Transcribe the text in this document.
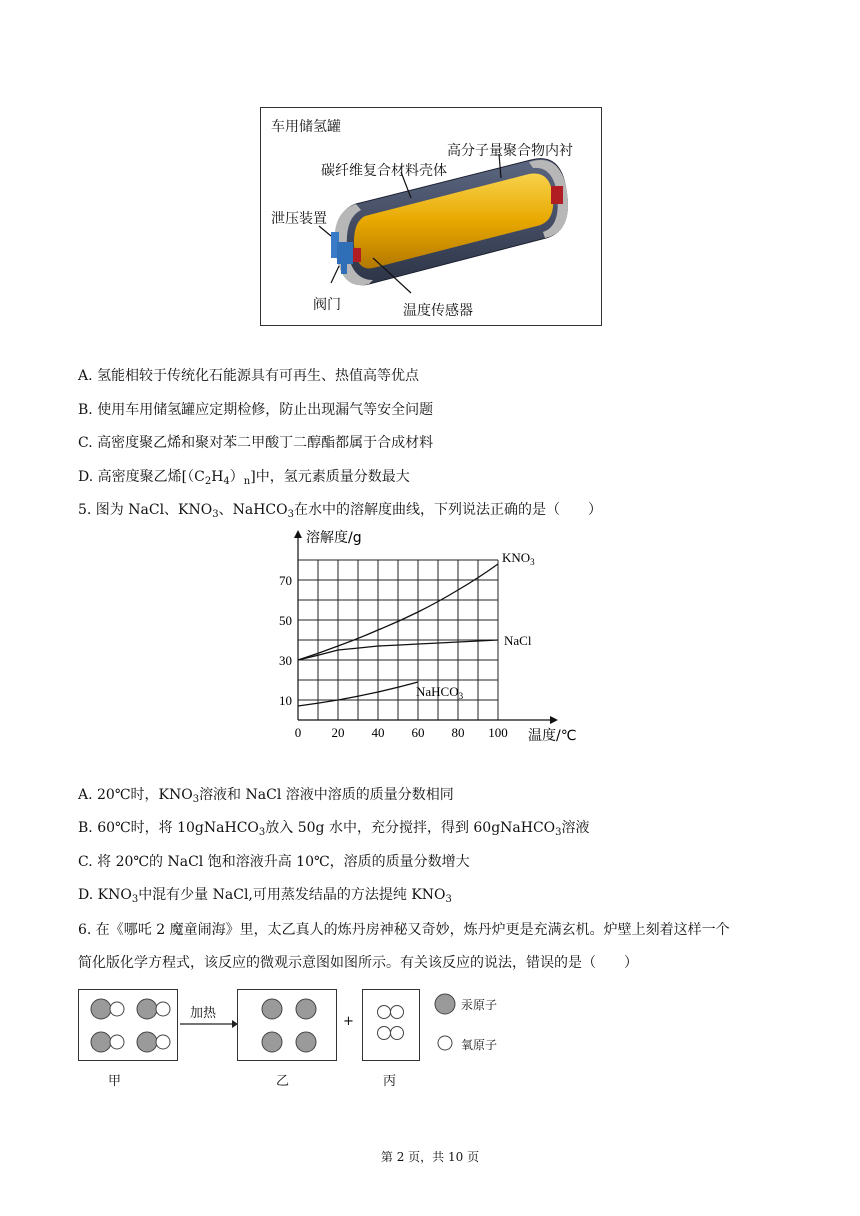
车用储氢罐
高分子量聚合物内衬
碳纤维复合材料壳体
泄压装置
阀门	温度传感器
A. 氢能相较于传统化石能源具有可再生、热值高等优点
B. 使用车用储氢罐应定期检修，防止出现漏气等安全问题
C. 高密度聚乙烯和聚对苯二甲酸丁二醇酯都属于合成材料
D. 高密度聚乙烯$[(C_2H_4)_n]$中，氢元素质量分数最大
5. 图为 NaCl、$KNO_3$、NaHCO$_3$在水中的溶解度曲线，下列说法正确的是（　　）
0 20 40 60 80 100
10
30
50
70
溶解度/g
温度/℃
$KNO_3$
NaCl
NaHCO$_3$
A. 20℃时，$KNO_3$溶液和 NaCl 溶液中溶质的质量分数相同
B. 60℃时，将 10gNaHCO$_3$放入 50g 水中，充分搅拌，得到 60gNaHCO$_3$溶液
C. 将 20℃的 NaCl 饱和溶液升高 10℃，溶质的质量分数增大
D. $KNO_3$中混有少量 NaCl,可用蒸发结晶的方法提纯 $KNO_3$
6. 在《哪吒 2 魔童闹海》里，太乙真人的炼丹房神秘又奇妙，炼丹炉更是充满玄机。炉壁上刻着这样一个
简化版化学方程式，该反应的微观示意图如图所示。有关该反应的说法，错误的是（　　）
加热
+
汞原子
氧原子
甲	乙	丙
第 2 页，共 10 页
